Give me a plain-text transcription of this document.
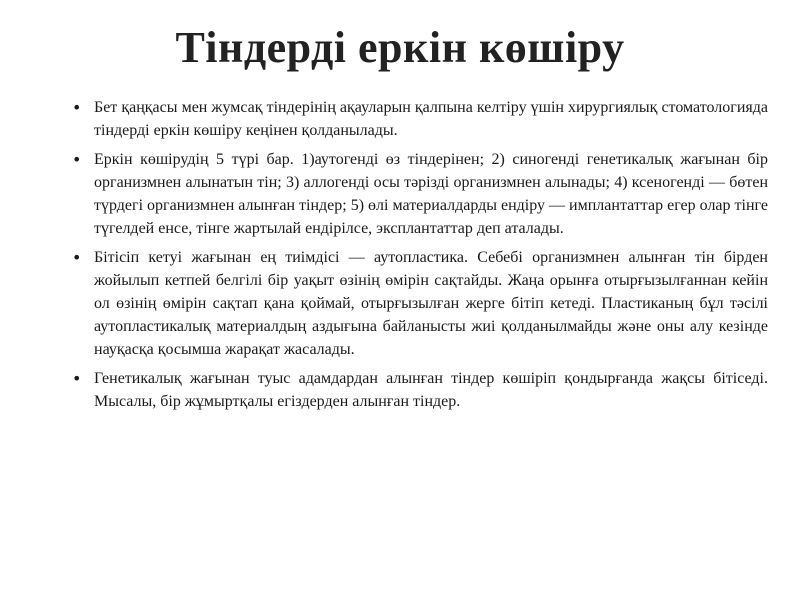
Тіндерді еркін көшіру
• Бет қаңқасы мен жумсақ тіндерінің ақауларын қалпына келтіру үшін хирургиялық стоматологияда тіндерді еркін көшіру кеңінен қолданылады.
• Еркін көшірудің 5 түрі бар. 1)аутогенді өз тіндерінен; 2) синогенді генетикалық жағынан бір организмнен алынатын тін; 3) аллогенді осы тәрізді организмнен алынады; 4) ксеногенді — бөтен түрдегі организмнен алынған тіндер; 5) өлі материалдарды ендіру — имплантаттар егер олар тінге түгелдей енсе, тінге жартылай ендірілсе, эксплантаттар деп аталады.
• Бітісіп кетуі жағынан ең тиімдісі — аутопластика. Себебі организмнен алынған тін бірден жойылып кетпей белгілі бір уақыт өзінің өмірін сақтайды. Жаңа орынға отырғызылғаннан кейін ол өзінің өмірін сақтап қана қоймай, отырғызылған жерге бітіп кетеді. Пластиканың бұл тәсілі аутопластикалық материалдың аздығына байланысты жиі қолданылмайды және оны алу кезінде науқасқа қосымша жарақат жасалады.
• Генетикалық жағынан туыс адамдардан алынған тіндер көшіріп қондырғанда жақсы бітіседі. Мысалы, бір жұмыртқалы егіздерден алынған тіндер.
